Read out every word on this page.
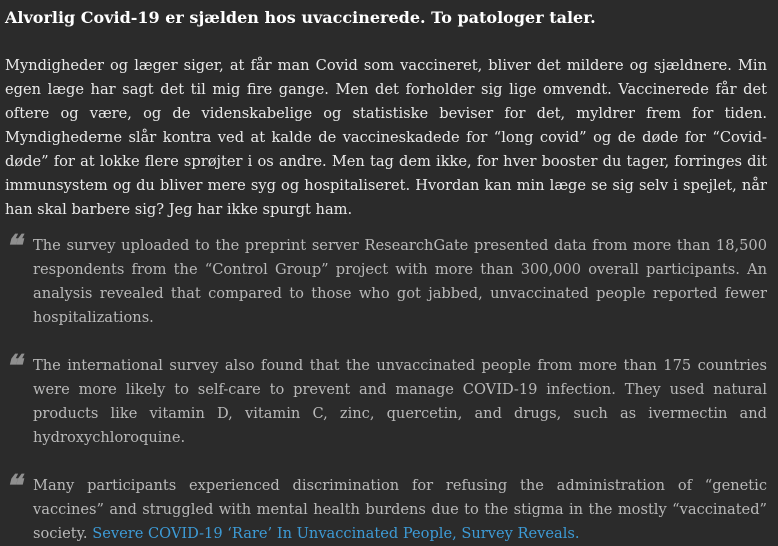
Alvorlig Covid-19 er sjælden hos uvaccinerede. To patologer taler.

Myndigheder og læger siger, at får man Covid som vaccineret, bliver det mildere og sjældnere. Min egen læge har sagt det til mig fire gange. Men det forholder sig lige omvendt. Vaccinerede får det oftere og være, og de videnskabelige og statistiske beviser for det, myldrer frem for tiden. Myndighederne slår kontra ved at kalde de vaccineskadede for “long covid” og de døde for “Covid-døde” for at lokke flere sprøjter i os andre. Men tag dem ikke, for hver booster du tager, forringes dit immunsystem og du bliver mere syg og hospitaliseret. Hvordan kan min læge se sig selv i spejlet, når han skal barbere sig? Jeg har ikke spurgt ham.

❝ The survey uploaded to the preprint server ResearchGate presented data from more than 18,500 respondents from the “Control Group” project with more than 300,000 overall participants. An analysis revealed that compared to those who got jabbed, unvaccinated people reported fewer hospitalizations.
❝ The international survey also found that the unvaccinated people from more than 175 countries were more likely to self-care to prevent and manage COVID-19 infection. They used natural products like vitamin D, vitamin C, zinc, quercetin, and drugs, such as ivermectin and hydroxychloroquine.
❝ Many participants experienced discrimination for refusing the administration of “genetic vaccines” and struggled with mental health burdens due to the stigma in the mostly “vaccinated” society. Severe COVID-19 ‘Rare’ In Unvaccinated People, Survey Reveals.
